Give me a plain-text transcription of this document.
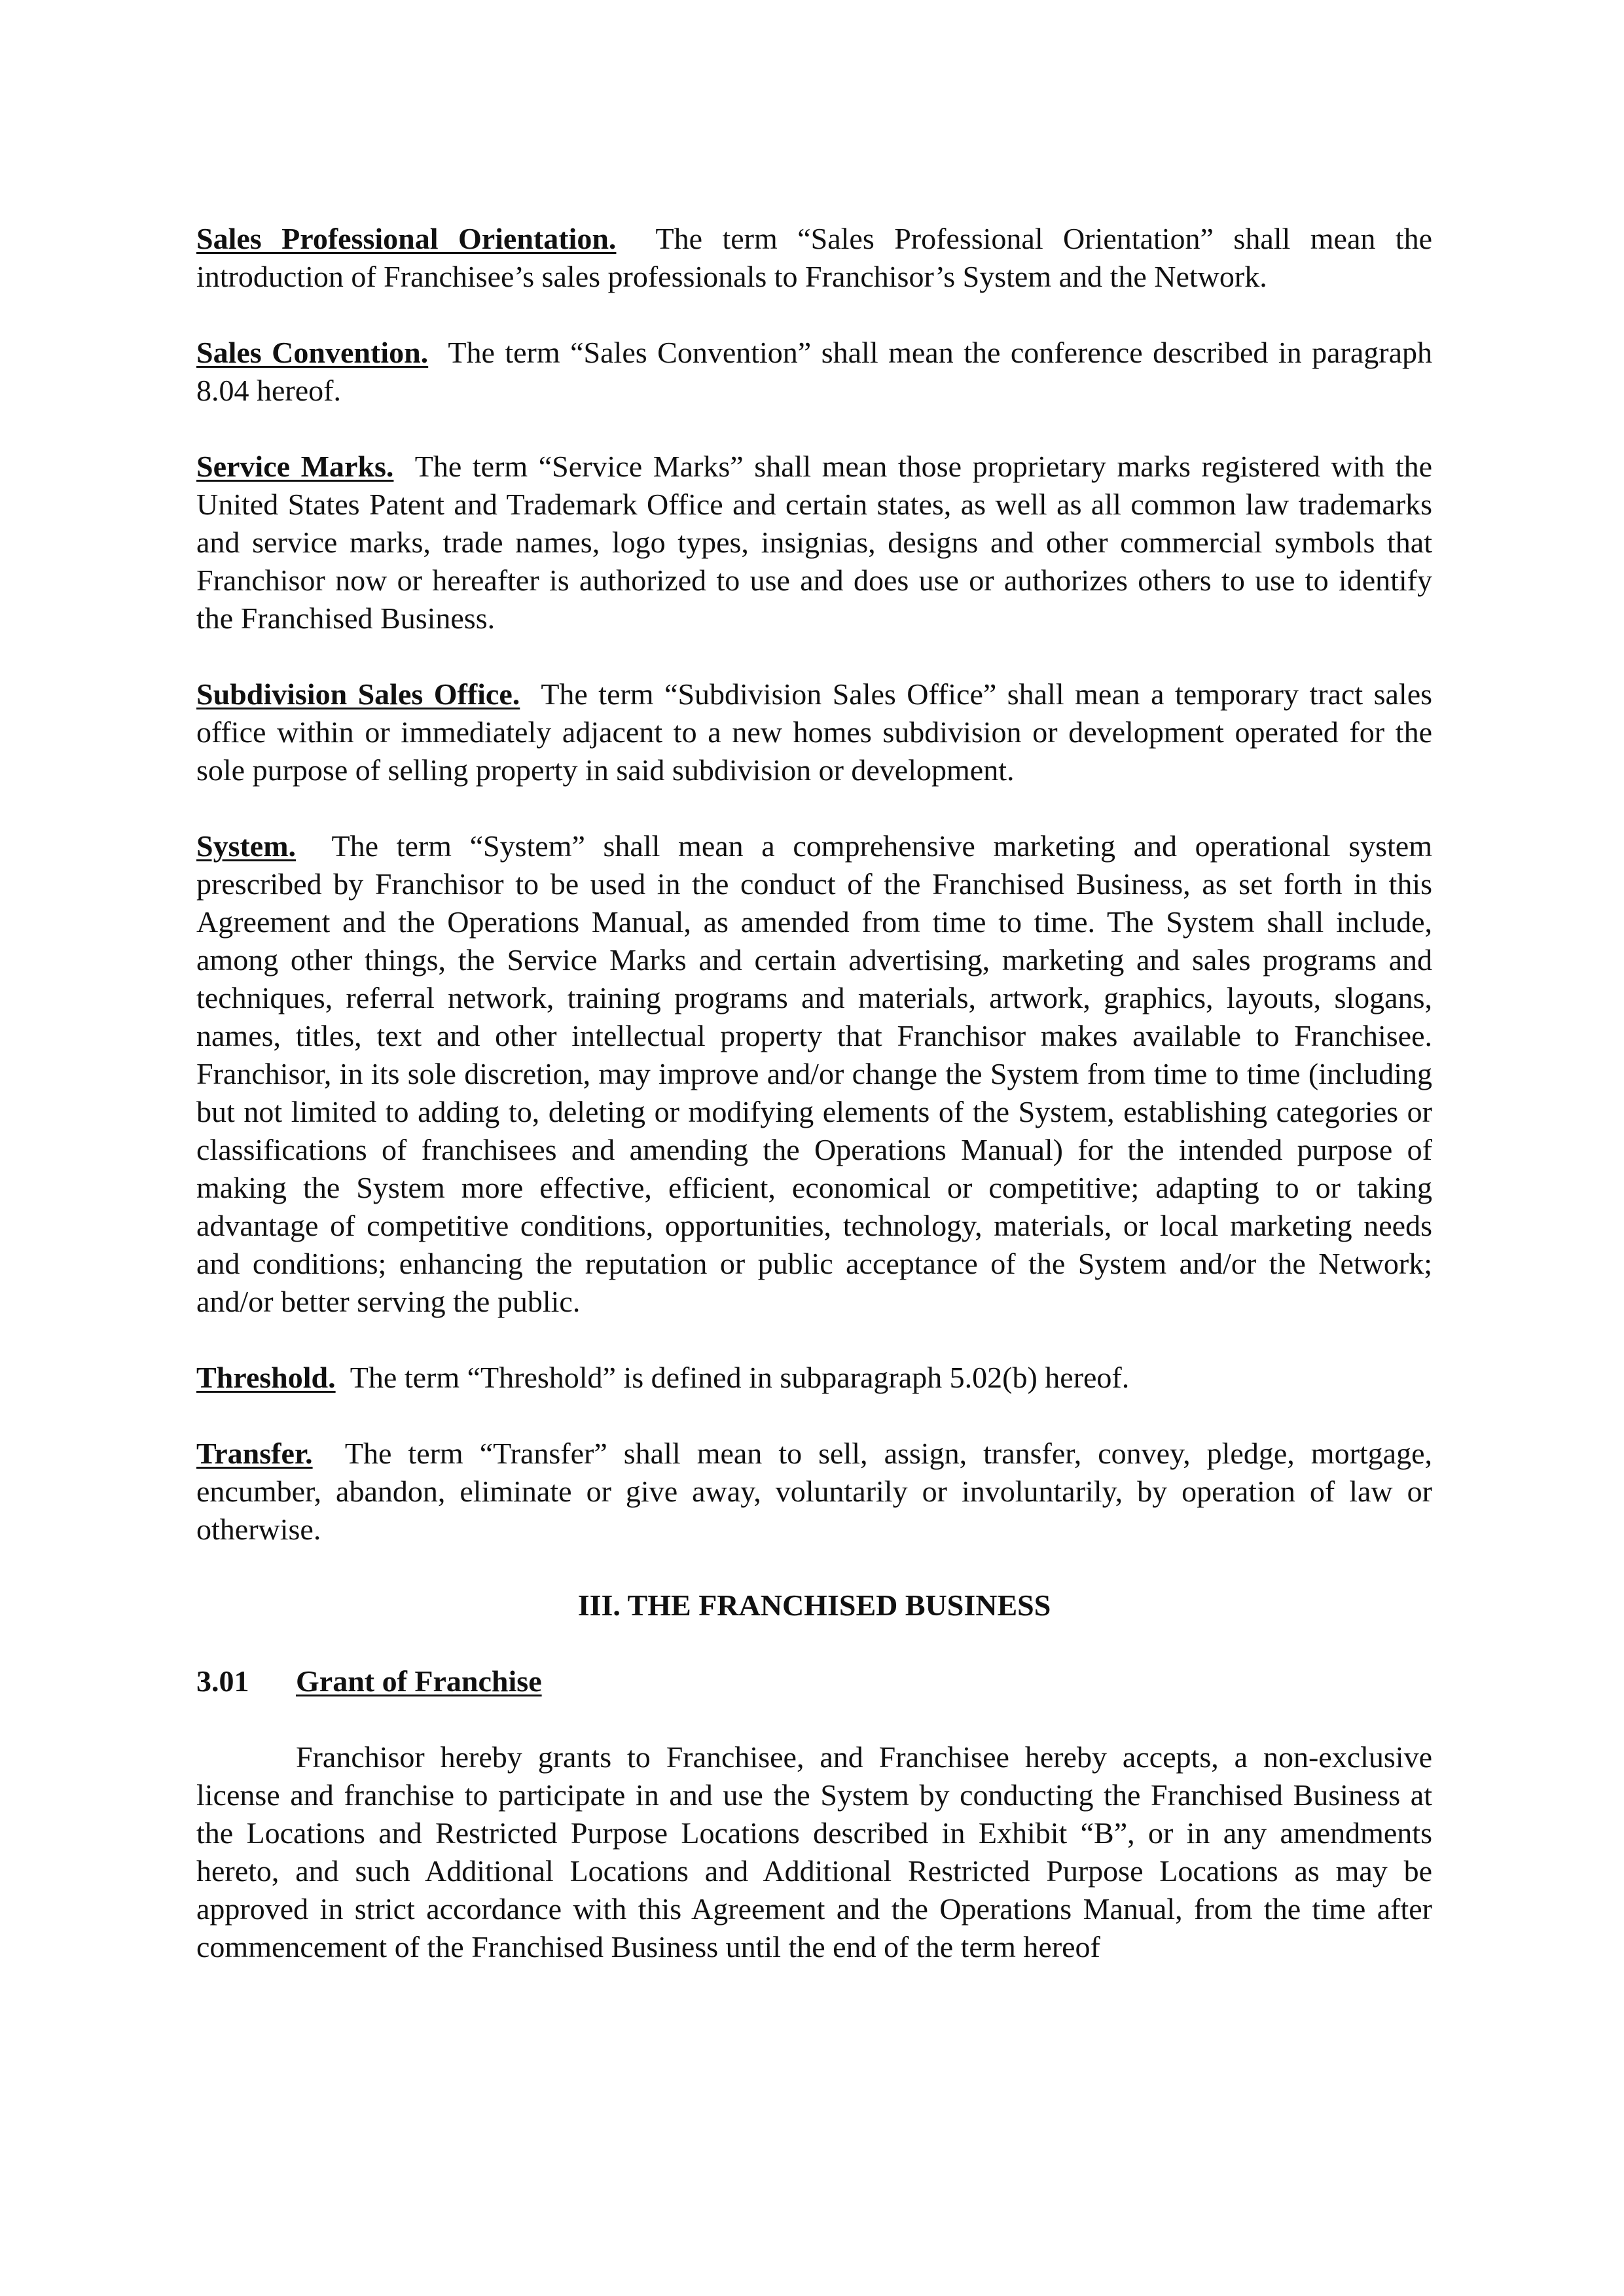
Sales Professional Orientation. The term “Sales Professional Orientation” shall mean the introduction of Franchisee’s sales professionals to Franchisor’s System and the Network.

Sales Convention. The term “Sales Convention” shall mean the conference described in paragraph 8.04 hereof.

Service Marks. The term “Service Marks” shall mean those proprietary marks registered with the United States Patent and Trademark Office and certain states, as well as all common law trademarks and service marks, trade names, logo types, insignias, designs and other commercial symbols that Franchisor now or hereafter is authorized to use and does use or authorizes others to use to identify the Franchised Business.

Subdivision Sales Office. The term “Subdivision Sales Office” shall mean a temporary tract sales office within or immediately adjacent to a new homes subdivision or development operated for the sole purpose of selling property in said subdivision or development.

System. The term “System” shall mean a comprehensive marketing and operational system prescribed by Franchisor to be used in the conduct of the Franchised Business, as set forth in this Agreement and the Operations Manual, as amended from time to time. The System shall include, among other things, the Service Marks and certain advertising, marketing and sales programs and techniques, referral network, training programs and materials, artwork, graphics, layouts, slogans, names, titles, text and other intellectual property that Franchisor makes available to Franchisee. Franchisor, in its sole discretion, may improve and/or change the System from time to time (including but not limited to adding to, deleting or modifying elements of the System, establishing categories or classifications of franchisees and amending the Operations Manual) for the intended purpose of making the System more effective, efficient, economical or competitive; adapting to or taking advantage of competitive conditions, opportunities, technology, materials, or local marketing needs and conditions; enhancing the reputation or public acceptance of the System and/or the Network; and/or better serving the public.

Threshold. The term “Threshold” is defined in subparagraph 5.02(b) hereof.

Transfer. The term “Transfer” shall mean to sell, assign, transfer, convey, pledge, mortgage, encumber, abandon, eliminate or give away, voluntarily or involuntarily, by operation of law or otherwise.

III. THE FRANCHISED BUSINESS
3.01 Grant of Franchise

Franchisor hereby grants to Franchisee, and Franchisee hereby accepts, a non-exclusive license and franchise to participate in and use the System by conducting the Franchised Business at the Locations and Restricted Purpose Locations described in Exhibit “B”, or in any amendments hereto, and such Additional Locations and Additional Restricted Purpose Locations as may be approved in strict accordance with this Agreement and the Operations Manual, from the time after commencement of the Franchised Business until the end of the term hereof
